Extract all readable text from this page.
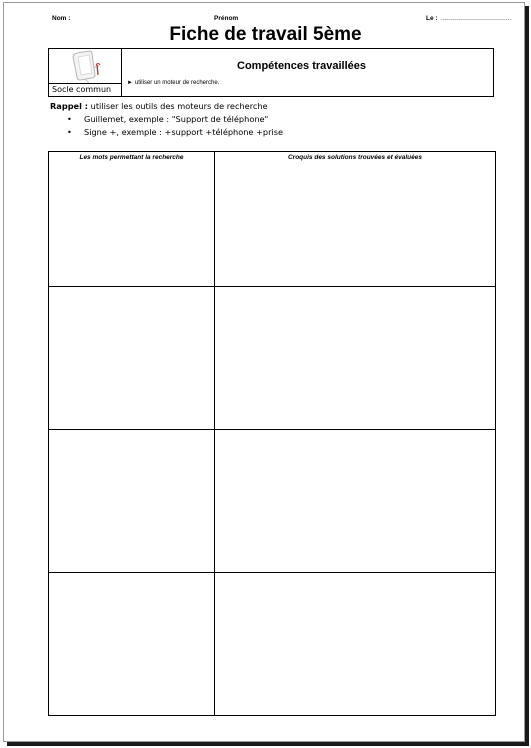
Nom :	Prénom	Le : ...................................
Fiche de travail 5ème
Socle commun
Compétences travaillées
► utiliser un moteur de recherche.
Rappel : utiliser les outils des moteurs de recherche
• Guillemet, exemple : "Support de téléphone"
• Signe +, exemple : +support +téléphone +prise
Les mots permettant la recherche	Croquis des solutions trouvées et évaluées
